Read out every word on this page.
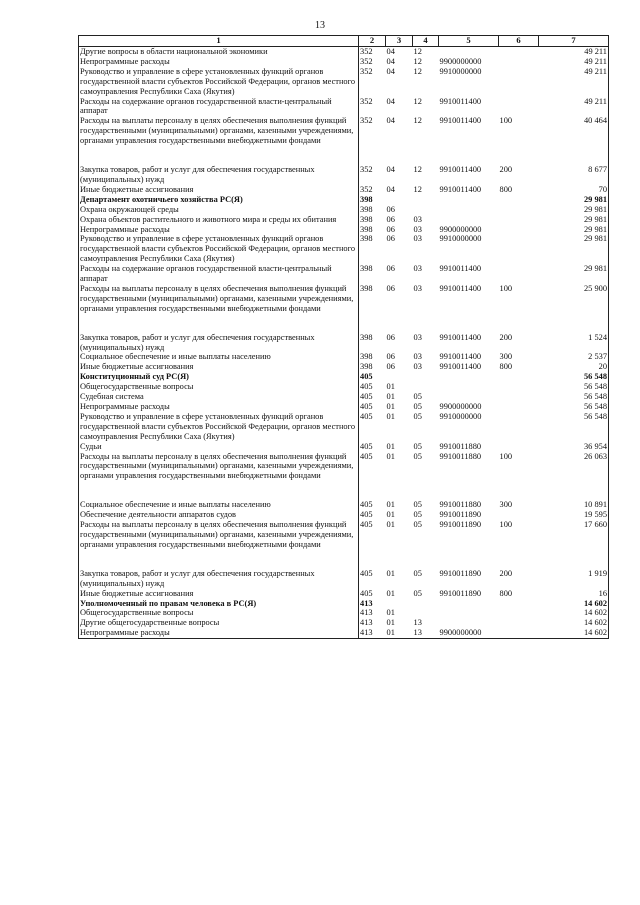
13
1	2	3	4	5	6	7
Другие вопросы в области национальной экономики	352	04	12			49 211
Непрограммные расходы	352	04	12	9900000000		49 211
Руководство и управление в сфере установленных функций органов государственной власти субъектов Российской Федерации, органов местного самоуправления Республики Саха (Якутия)	352	04	12	9910000000		49 211
Расходы на содержание органов государственной власти-центральный аппарат	352	04	12	9910011400		49 211
Расходы на выплаты персоналу в целях обеспечения выполнения функций государственными (муниципальными) органами, казенными учреждениями, органами управления государственными внебюджетными фондами	352	04	12	9910011400	100	40 464
Закупка товаров, работ и услуг для обеспечения государственных (муниципальных) нужд	352	04	12	9910011400	200	8 677
Иные бюджетные ассигнования	352	04	12	9910011400	800	70
Департамент охотничьего хозяйства РС(Я)	398					29 981
Охрана окружающей среды	398	06				29 981
Охрана объектов растительного и животного мира и среды их обитания	398	06	03			29 981
Непрограммные расходы	398	06	03	9900000000		29 981
Руководство и управление в сфере установленных функций органов государственной власти субъектов Российской Федерации, органов местного самоуправления Республики Саха (Якутия)	398	06	03	9910000000		29 981
Расходы на содержание органов государственной власти-центральный аппарат	398	06	03	9910011400		29 981
Расходы на выплаты персоналу в целях обеспечения выполнения функций государственными (муниципальными) органами, казенными учреждениями, органами управления государственными внебюджетными фондами	398	06	03	9910011400	100	25 900
Закупка товаров, работ и услуг для обеспечения государственных (муниципальных) нужд	398	06	03	9910011400	200	1 524
Социальное обеспечение и иные выплаты населению	398	06	03	9910011400	300	2 537
Иные бюджетные ассигнования	398	06	03	9910011400	800	20
Конституционный суд РС(Я)	405					56 548
Общегосударственные вопросы	405	01				56 548
Судебная система	405	01	05			56 548
Непрограммные расходы	405	01	05	9900000000		56 548
Руководство и управление в сфере установленных функций органов государственной власти субъектов Российской Федерации, органов местного самоуправления Республики Саха (Якутия)	405	01	05	9910000000		56 548
Судьи	405	01	05	9910011880		36 954
Расходы на выплаты персоналу в целях обеспечения выполнения функций государственными (муниципальными) органами, казенными учреждениями, органами управления государственными внебюджетными фондами	405	01	05	9910011880	100	26 063
Социальное обеспечение и иные выплаты населению	405	01	05	9910011880	300	10 891
Обеспечение деятельности аппаратов судов	405	01	05	9910011890		19 595
Расходы на выплаты персоналу в целях обеспечения выполнения функций государственными (муниципальными) органами, казенными учреждениями, органами управления государственными внебюджетными фондами	405	01	05	9910011890	100	17 660
Закупка товаров, работ и услуг для обеспечения государственных (муниципальных) нужд	405	01	05	9910011890	200	1 919
Иные бюджетные ассигнования	405	01	05	9910011890	800	16
Уполномоченный по правам человека в РС(Я)	413					14 602
Общегосударственные вопросы	413	01				14 602
Другие общегосударственные вопросы	413	01	13			14 602
Непрограммные расходы	413	01	13	9900000000		14 602
